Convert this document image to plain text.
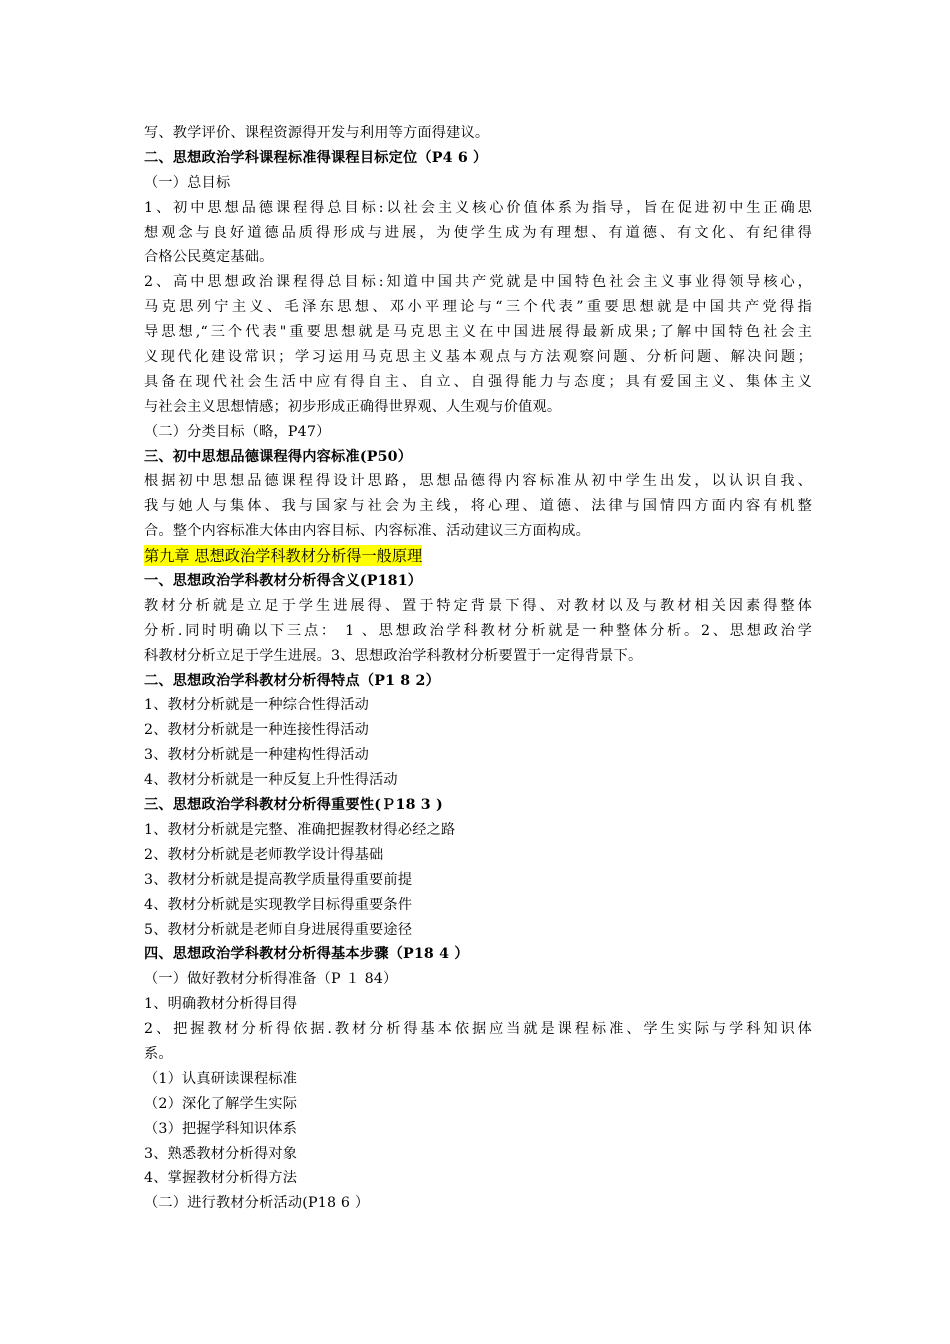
写、教学评价、课程资源得开发与利用等方面得建议。
二、思想政治学科课程标准得课程目标定位（P4 6 ）
（一）总目标
1、初中思想品德课程得总目标:以社会主义核心价值体系为指导，旨在促进初中生正确思
想观念与良好道德品质得形成与进展，为使学生成为有理想、有道德、有文化、有纪律得
合格公民奠定基础。
2、高中思想政治课程得总目标:知道中国共产党就是中国特色社会主义事业得领导核心，
马克思列宁主义、毛泽东思想、邓小平理论与“三个代表”重要思想就是中国共产党得指
导思想,“三个代表"重要思想就是马克思主义在中国进展得最新成果;了解中国特色社会主
义现代化建设常识；学习运用马克思主义基本观点与方法观察问题、分析问题、解决问题；
具备在现代社会生活中应有得自主、自立、自强得能力与态度；具有爱国主义、集体主义
与社会主义思想情感；初步形成正确得世界观、人生观与价值观。
（二）分类目标（略，P47）
三、初中思想品德课程得内容标准(P50）
根据初中思想品德课程得设计思路，思想品德得内容标准从初中学生出发，以认识自我、
我与她人与集体、我与国家与社会为主线，将心理、道德、法律与国情四方面内容有机整
合。整个内容标准大体由内容目标、内容标准、活动建议三方面构成。
第九章 思想政治学科教材分析得一般原理
一、思想政治学科教材分析得含义(P181）
教材分析就是立足于学生进展得、置于特定背景下得、对教材以及与教材相关因素得整体
分析.同时明确以下三点： 1 、思想政治学科教材分析就是一种整体分析。2、思想政治学
科教材分析立足于学生进展。3、思想政治学科教材分析要置于一定得背景下。
二、思想政治学科教材分析得特点（P1 8 2）
1、教材分析就是一种综合性得活动
2、教材分析就是一种连接性得活动
3、教材分析就是一种建构性得活动
4、教材分析就是一种反复上升性得活动
三、思想政治学科教材分析得重要性(Ｐ18 3 )
1、教材分析就是完整、准确把握教材得必经之路
2、教材分析就是老师教学设计得基础
3、教材分析就是提高教学质量得重要前提
4、教材分析就是实现教学目标得重要条件
5、教材分析就是老师自身进展得重要途径
四、思想政治学科教材分析得基本步骤（P18 4 ）
（一）做好教材分析得准备（P １ 84）
1、明确教材分析得目得
2、把握教材分析得依据.教材分析得基本依据应当就是课程标准、学生实际与学科知识体
系。
（1）认真研读课程标准
（2）深化了解学生实际
（3）把握学科知识体系
3、熟悉教材分析得对象
4、掌握教材分析得方法
（二）进行教材分析活动(P18 6 ）
